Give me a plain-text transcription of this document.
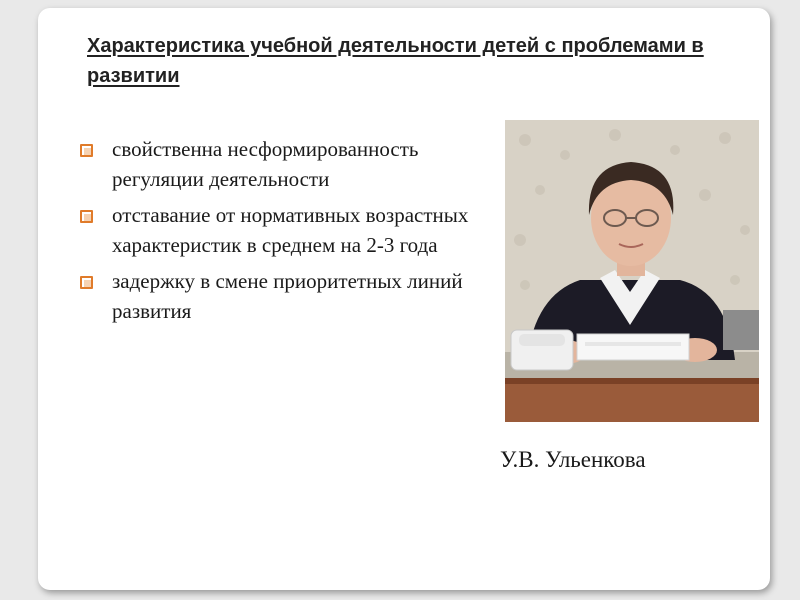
Характеристика учебной деятельности детей с проблемами в развитии
свойственна несформированность регуляции деятельности
отставание от нормативных возрастных характеристик в среднем на 2-3 года
задержку в смене приоритетных линий развития

У.В. Ульенкова
